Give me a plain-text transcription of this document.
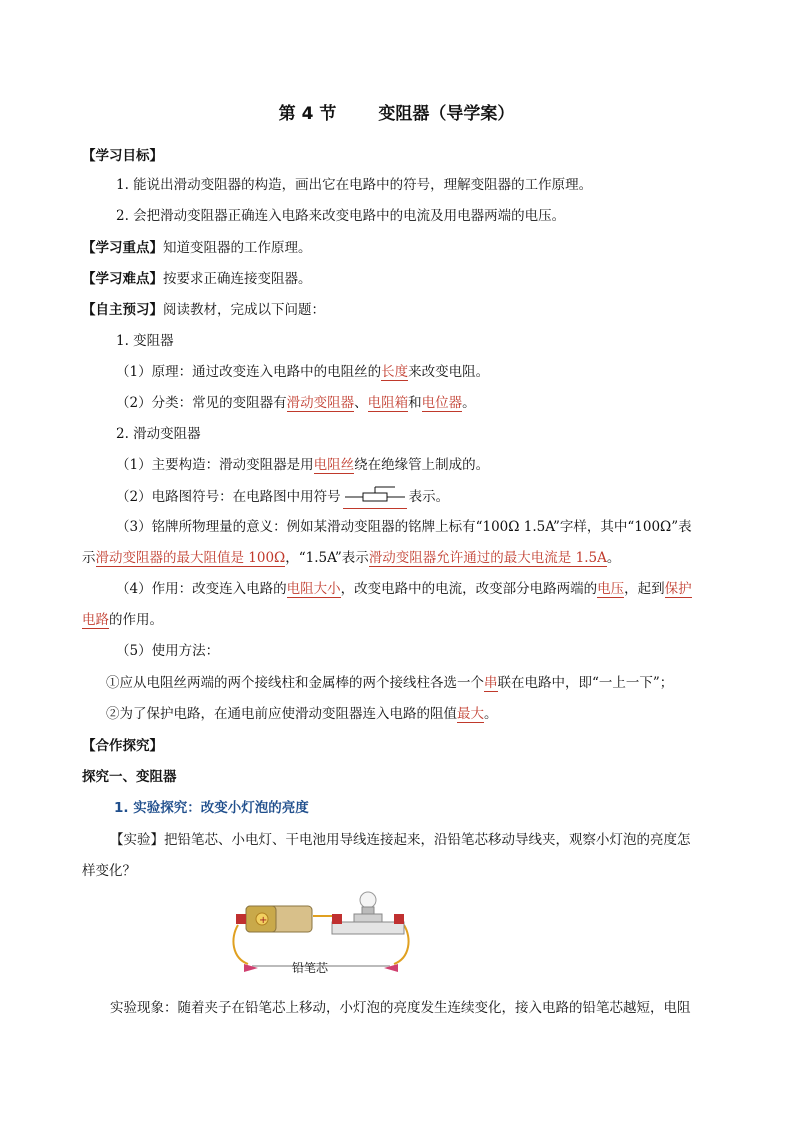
第 4 节 变阻器（导学案）
【学习目标】
1. 能说出滑动变阻器的构造，画出它在电路中的符号，理解变阻器的工作原理。
2. 会把滑动变阻器正确连入电路来改变电路中的电流及用电器两端的电压。
【学习重点】知道变阻器的工作原理。
【学习难点】按要求正确连接变阻器。
【自主预习】阅读教材，完成以下问题：
1. 变阻器
（1）原理：通过改变连入电路中的电阻丝的长度来改变电阻。
（2）分类：常见的变阻器有滑动变阻器、电阻箱和电位器。
2. 滑动变阻器
（1）主要构造：滑动变阻器是用电阻丝绕在绝缘管上制成的。
（2）电路图符号：在电路图中用符号	表示。
（3）铭牌所物理量的意义：例如某滑动变阻器的铭牌上标有“100Ω 1.5A”字样，其中“100Ω”表
示滑动变阻器的最大阻值是 100Ω，“1.5A”表示滑动变阻器允许通过的最大电流是 1.5A。
（4）作用：改变连入电路的电阻大小，改变电路中的电流，改变部分电路两端的电压，起到保护
电路的作用。
（5）使用方法：
①应从电阻丝两端的两个接线柱和金属棒的两个接线柱各选一个串联在电路中，即“一上一下”；
②为了保护电路，在通电前应使滑动变阻器连入电路的阻值最大。
【合作探究】
探究一、变阻器
1. 实验探究：改变小灯泡的亮度
【实验】把铅笔芯、小电灯、干电池用导线连接起来，沿铅笔芯移动导线夹，观察小灯泡的亮度怎
样变化？
+
铅笔芯
实验现象：随着夹子在铅笔芯上移动，小灯泡的亮度发生连续变化，接入电路的铅笔芯越短，电阻
